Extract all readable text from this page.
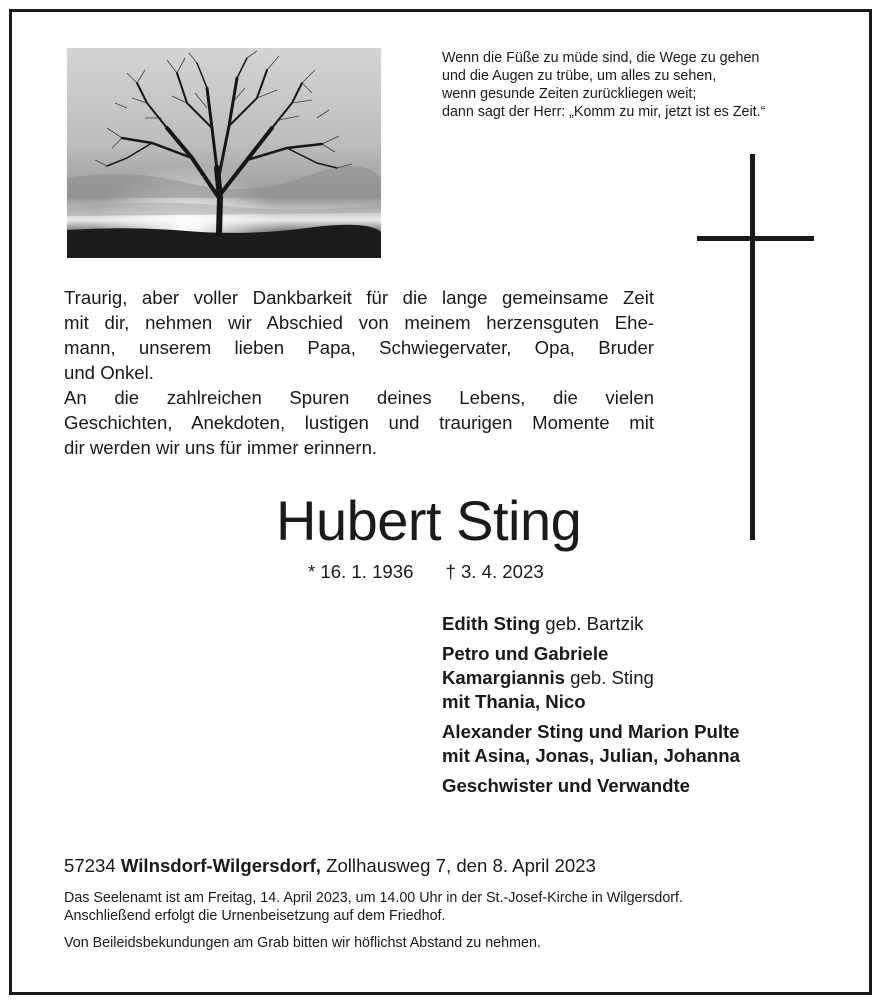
Wenn die Füße zu müde sind, die Wege zu gehen
und die Augen zu trübe, um alles zu sehen,
wenn gesunde Zeiten zurückliegen weit;
dann sagt der Herr: „Komm zu mir, jetzt ist es Zeit.“
Traurig, aber voller Dankbarkeit für die lange gemeinsame Zeit
mit dir, nehmen wir Abschied von meinem herzensguten Ehe-
mann, unserem lieben Papa, Schwiegervater, Opa, Bruder
und Onkel.
An die zahlreichen Spuren deines Lebens, die vielen
Geschichten, Anekdoten, lustigen und traurigen Momente mit
dir werden wir uns für immer erinnern.
Hubert Sting
* 16. 1. 1936 † 3. 4. 2023
Edith Sting geb. Bartzik
Petro und Gabriele
Kamargiannis geb. Sting
mit Thania, Nico
Alexander Sting und Marion Pulte
mit Asina, Jonas, Julian, Johanna
Geschwister und Verwandte
57234 Wilnsdorf-Wilgersdorf, Zollhausweg 7, den 8. April 2023
Das Seelenamt ist am Freitag, 14. April 2023, um 14.00 Uhr in der St.-Josef-Kirche in Wilgersdorf.
Anschließend erfolgt die Urnenbeisetzung auf dem Friedhof.
Von Beileidsbekundungen am Grab bitten wir höflichst Abstand zu nehmen.
